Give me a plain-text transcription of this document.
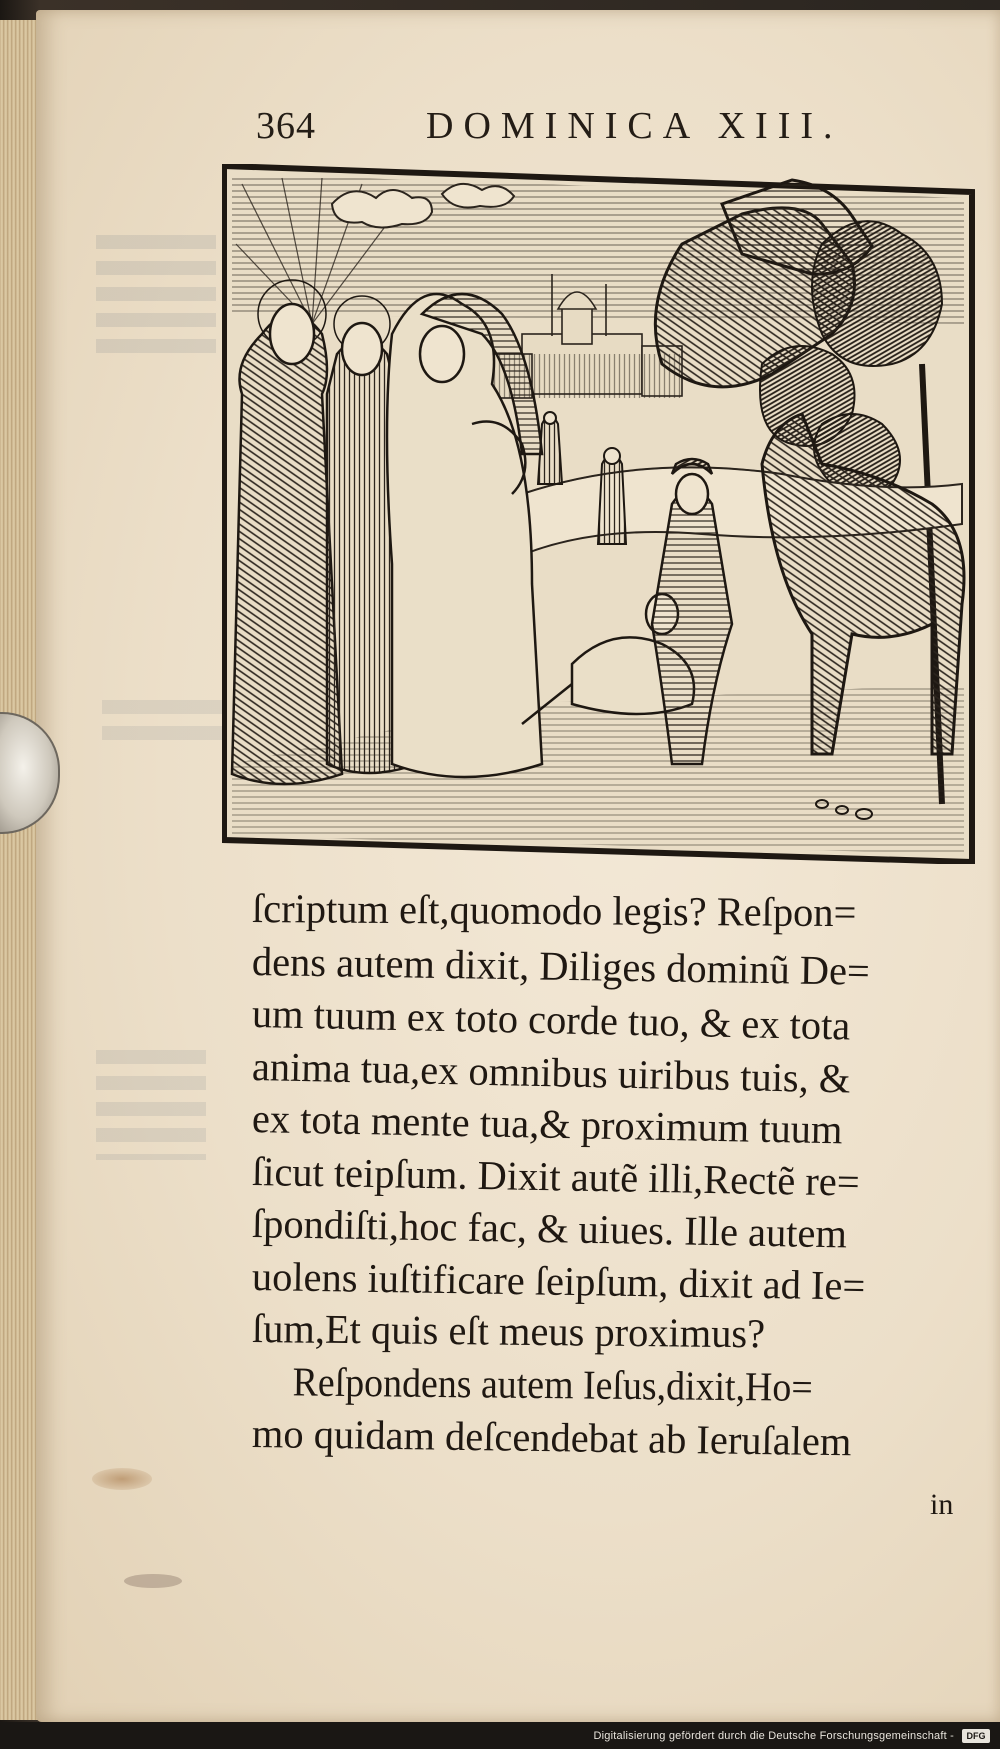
364	DOMINICA XIII.
ſcriptum eſt,quomodo legis? Reſpon=
dens autem dixit, Diliges dominũ De=
um tuum ex toto corde tuo, & ex tota
anima tua,ex omnibus uiribus tuis, &
ex tota mente tua,& proximum tuum
ſicut teipſum. Dixit autẽ illi,Rectẽ re=
ſpondiſti,hoc fac, & uiues. Ille autem
uolens iuſtificare ſeipſum, dixit ad Ie=
ſum,Et quis eſt meus proximus?
Reſpondens autem Ieſus,dixit,Ho=
mo quidam deſcendebat ab Ieruſalem
in
Digitalisierung gefördert durch die Deutsche Forschungsgemeinschaft -	DFG
